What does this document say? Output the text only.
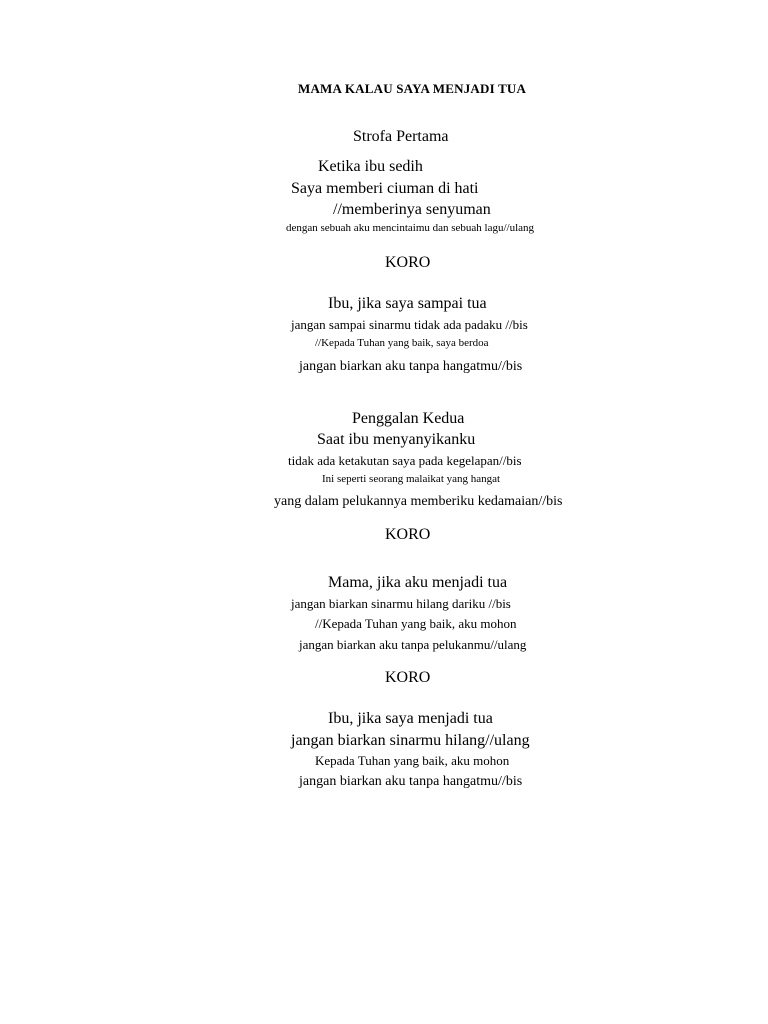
MAMA KALAU SAYA MENJADI TUA
Strofa Pertama
Ketika ibu sedih
Saya memberi ciuman di hati
//memberinya senyuman
dengan sebuah aku mencintaimu dan sebuah lagu//ulang
KORO
Ibu, jika saya sampai tua
jangan sampai sinarmu tidak ada padaku //bis
//Kepada Tuhan yang baik, saya berdoa
jangan biarkan aku tanpa hangatmu//bis
Penggalan Kedua
Saat ibu menyanyikanku
tidak ada ketakutan saya pada kegelapan//bis
Ini seperti seorang malaikat yang hangat
yang dalam pelukannya memberiku kedamaian//bis
KORO
Mama, jika aku menjadi tua
jangan biarkan sinarmu hilang dariku //bis
//Kepada Tuhan yang baik, aku mohon
jangan biarkan aku tanpa pelukanmu//ulang
KORO
Ibu, jika saya menjadi tua
jangan biarkan sinarmu hilang//ulang
Kepada Tuhan yang baik, aku mohon
jangan biarkan aku tanpa hangatmu//bis
